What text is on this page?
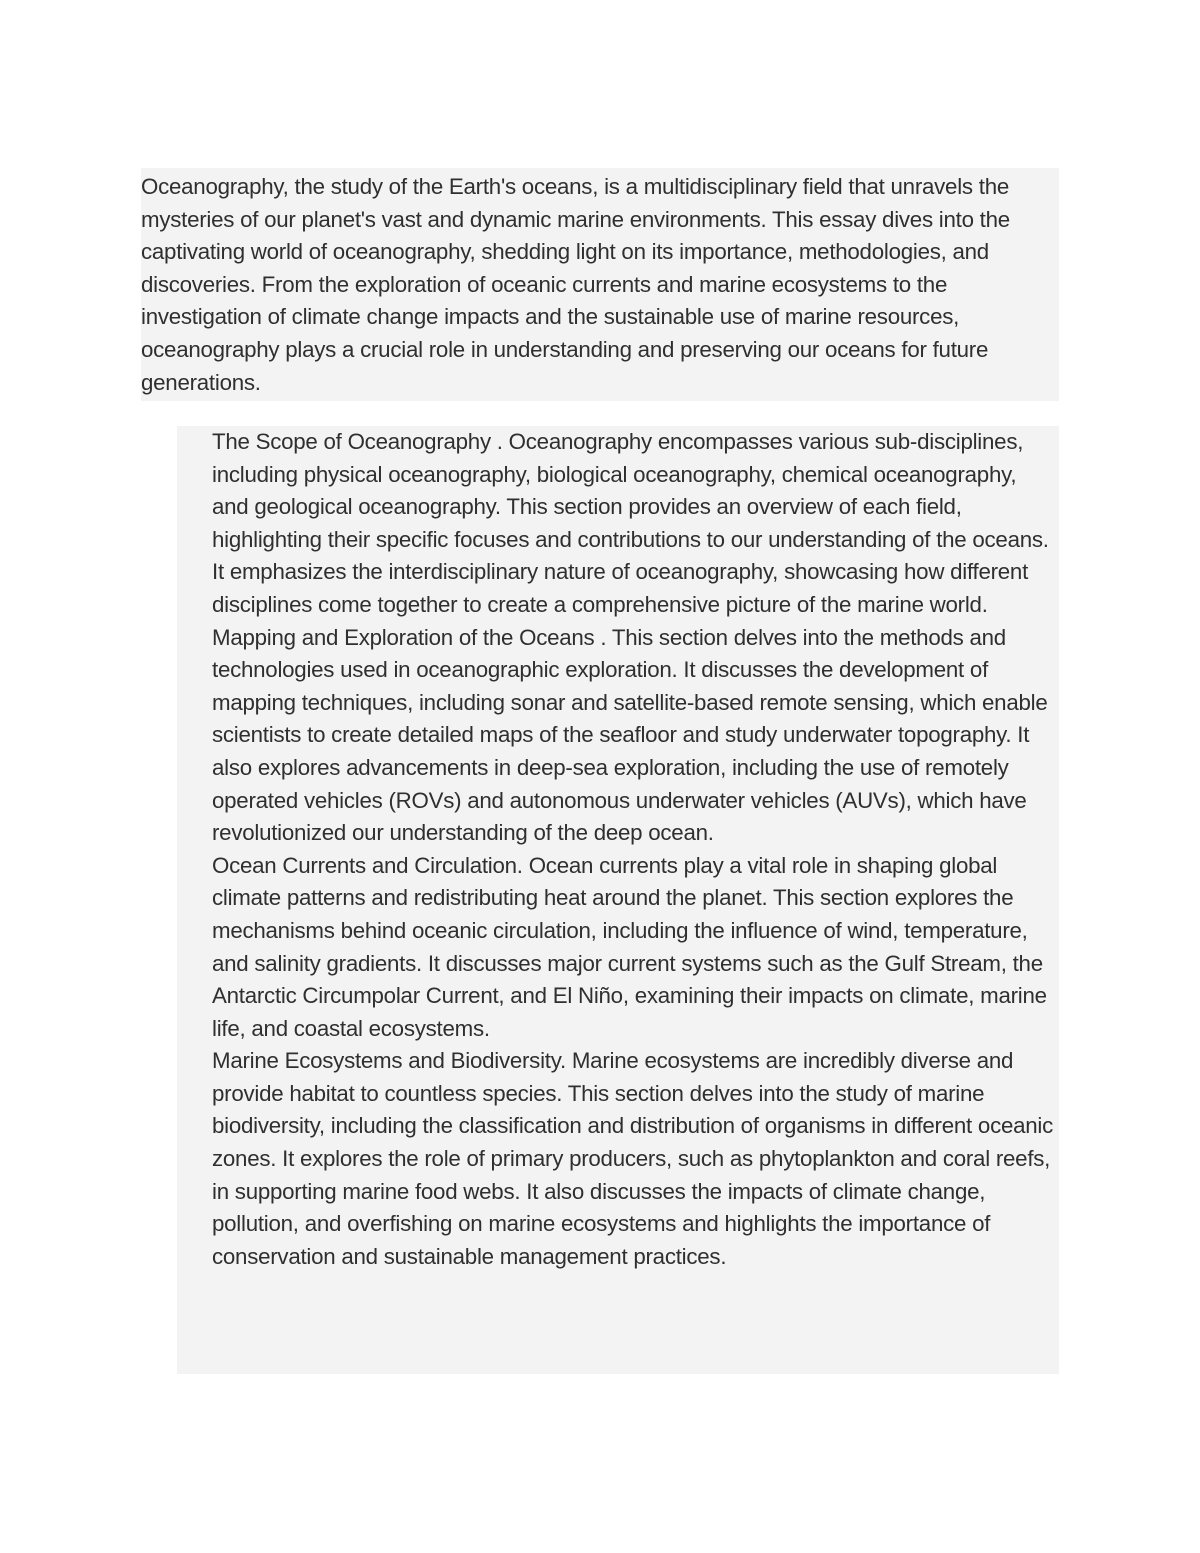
Oceanography, the study of the Earth's oceans, is a multidisciplinary field that unravels the mysteries of our planet's vast and dynamic marine environments. This essay dives into the captivating world of oceanography, shedding light on its importance, methodologies, and discoveries. From the exploration of oceanic currents and marine ecosystems to the investigation of climate change impacts and the sustainable use of marine resources, oceanography plays a crucial role in understanding and preserving our oceans for future generations.

The Scope of Oceanography . Oceanography encompasses various sub-disciplines, including physical oceanography, biological oceanography, chemical oceanography, and geological oceanography. This section provides an overview of each field, highlighting their specific focuses and contributions to our understanding of the oceans. It emphasizes the interdisciplinary nature of oceanography, showcasing how different disciplines come together to create a comprehensive picture of the marine world.

Mapping and Exploration of the Oceans . This section delves into the methods and technologies used in oceanographic exploration. It discusses the development of mapping techniques, including sonar and satellite-based remote sensing, which enable scientists to create detailed maps of the seafloor and study underwater topography. It also explores advancements in deep-sea exploration, including the use of remotely operated vehicles (ROVs) and autonomous underwater vehicles (AUVs), which have revolutionized our understanding of the deep ocean.

Ocean Currents and Circulation. Ocean currents play a vital role in shaping global climate patterns and redistributing heat around the planet. This section explores the mechanisms behind oceanic circulation, including the influence of wind, temperature, and salinity gradients. It discusses major current systems such as the Gulf Stream, the Antarctic Circumpolar Current, and El Niño, examining their impacts on climate, marine life, and coastal ecosystems.

Marine Ecosystems and Biodiversity. Marine ecosystems are incredibly diverse and provide habitat to countless species. This section delves into the study of marine biodiversity, including the classification and distribution of organisms in different oceanic zones. It explores the role of primary producers, such as phytoplankton and coral reefs, in supporting marine food webs. It also discusses the impacts of climate change, pollution, and overfishing on marine ecosystems and highlights the importance of conservation and sustainable management practices.
